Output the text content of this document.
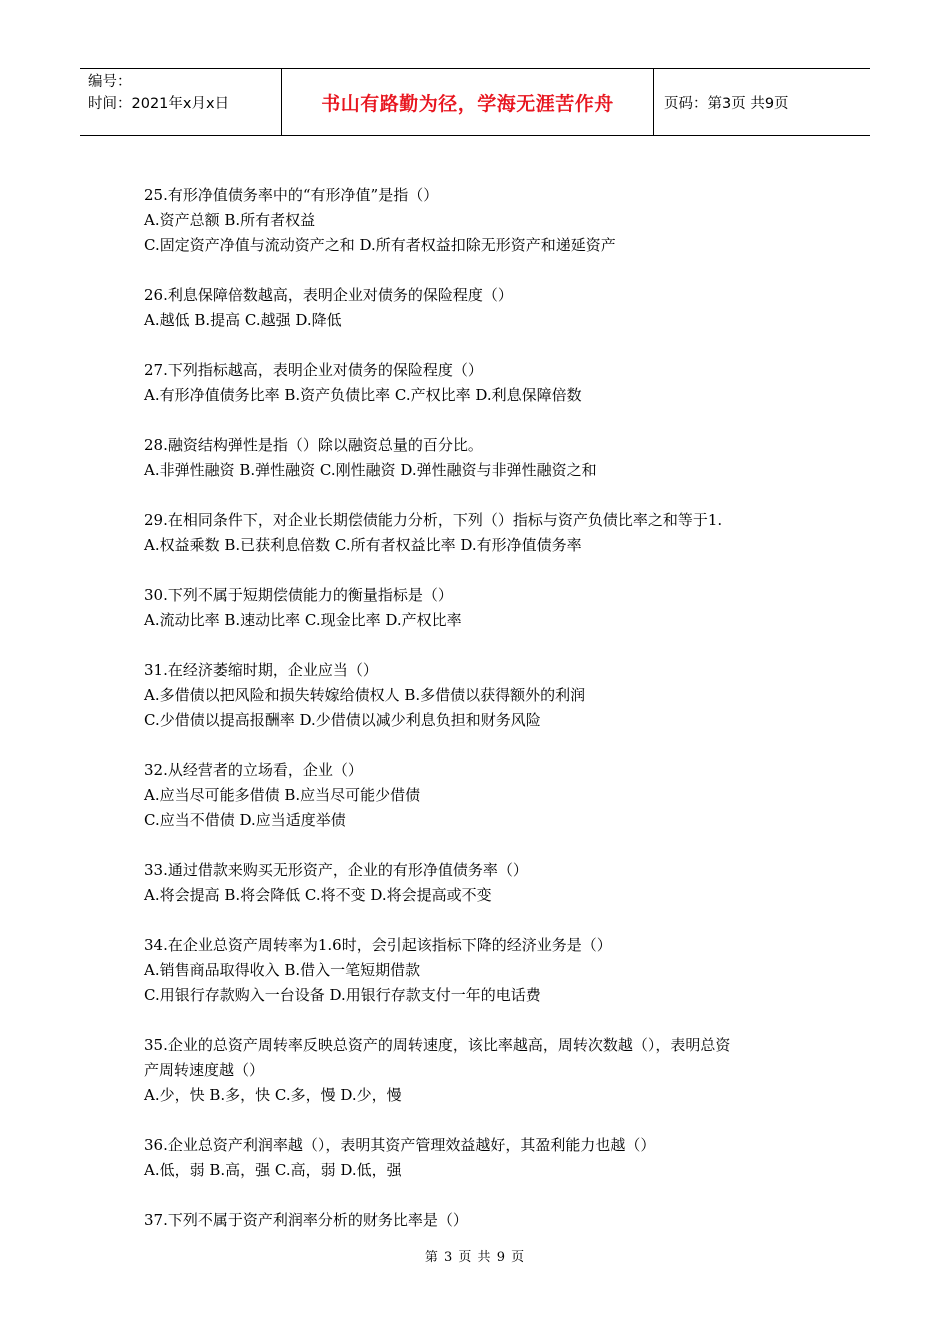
编号：
时间：2021年x月x日	书山有路勤为径，学海无涯苦作舟	页码：第3页 共9页
25.有形净值债务率中的“有形净值”是指（）
A.资产总额 B.所有者权益
C.固定资产净值与流动资产之和 D.所有者权益扣除无形资产和递延资产
26.利息保障倍数越高，表明企业对债务的保险程度（）
A.越低 B.提高 C.越强 D.降低
27.下列指标越高，表明企业对债务的保险程度（）
A.有形净值债务比率 B.资产负债比率 C.产权比率 D.利息保障倍数
28.融资结构弹性是指（）除以融资总量的百分比。
A.非弹性融资 B.弹性融资 C.刚性融资 D.弹性融资与非弹性融资之和
29.在相同条件下，对企业长期偿债能力分析，下列（）指标与资产负债比率之和等于1.
A.权益乘数 B.已获利息倍数 C.所有者权益比率 D.有形净值债务率
30.下列不属于短期偿债能力的衡量指标是（）
A.流动比率 B.速动比率 C.现金比率 D.产权比率
31.在经济萎缩时期，企业应当（）
A.多借债以把风险和损失转嫁给债权人 B.多借债以获得额外的利润
C.少借债以提高报酬率 D.少借债以减少利息负担和财务风险
32.从经营者的立场看，企业（）
A.应当尽可能多借债 B.应当尽可能少借债
C.应当不借债 D.应当适度举债
33.通过借款来购买无形资产，企业的有形净值债务率（）
A.将会提高 B.将会降低 C.将不变 D.将会提高或不变
34.在企业总资产周转率为1.6时，会引起该指标下降的经济业务是（）
A.销售商品取得收入 B.借入一笔短期借款
C.用银行存款购入一台设备 D.用银行存款支付一年的电话费
35.企业的总资产周转率反映总资产的周转速度，该比率越高，周转次数越（），表明总资
产周转速度越（）
A.少，快 B.多，快 C.多，慢 D.少，慢
36.企业总资产利润率越（），表明其资产管理效益越好，其盈利能力也越（）
A.低，弱 B.高，强 C.高，弱 D.低，强
37.下列不属于资产利润率分析的财务比率是（）
第 3 页 共 9 页
